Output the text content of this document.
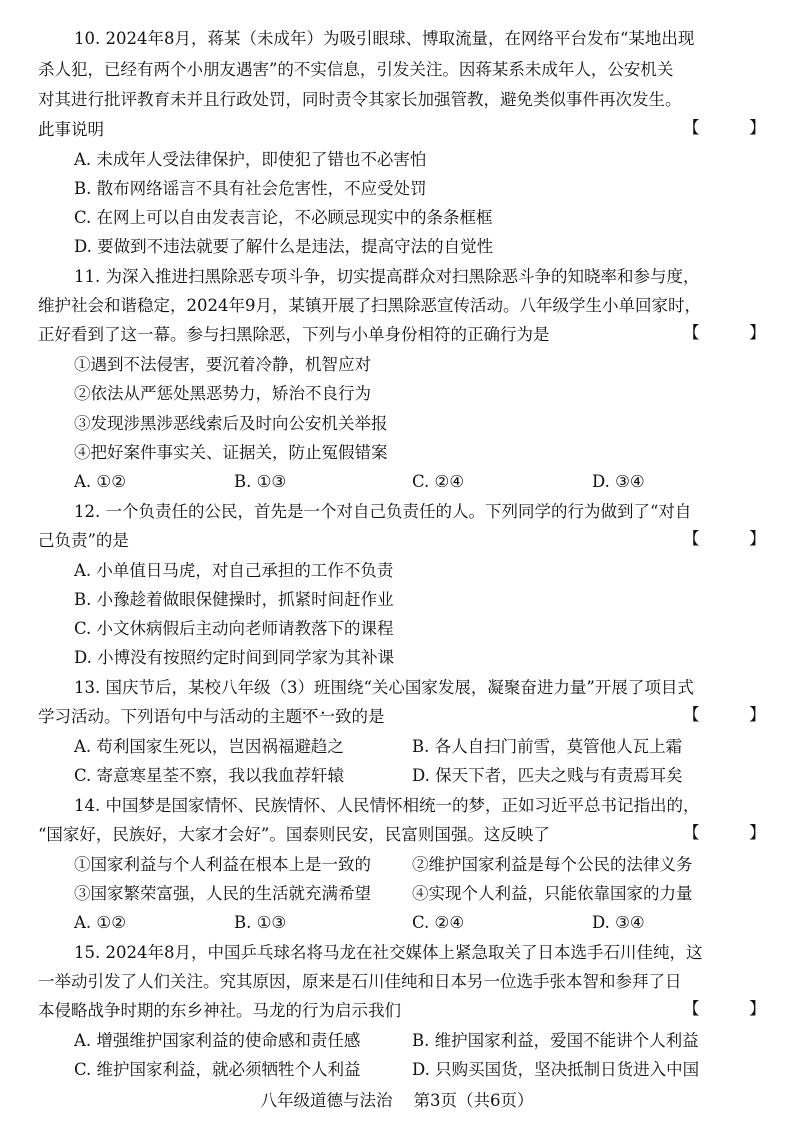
10. 2024年8月，蒋某（未成年）为吸引眼球、博取流量，在网络平台发布“某地出现
杀人犯，已经有两个小朋友遇害”的不实信息，引发关注。因蒋某系未成年人，公安机关
对其进行批评教育未并且行政处罚，同时责令其家长加强管教，避免类似事件再次发生。
此事说明	【     】
A. 未成年人受法律保护，即使犯了错也不必害怕
B. 散布网络谣言不具有社会危害性，不应受处罚
C. 在网上可以自由发表言论，不必顾忌现实中的条条框框
D. 要做到不违法就要了解什么是违法，提高守法的自觉性
11. 为深入推进扫黑除恶专项斗争，切实提高群众对扫黑除恶斗争的知晓率和参与度，
维护社会和谐稳定，2024年9月，某镇开展了扫黑除恶宣传活动。八年级学生小单回家时，
正好看到了这一幕。参与扫黑除恶，下列与小单身份相符的正确行为是	【     】
①遇到不法侵害，要沉着冷静，机智应对
②依法从严惩处黑恶势力，矫治不良行为
③发现涉黑涉恶线索后及时向公安机关举报
④把好案件事实关、证据关，防止冤假错案
A. ①②	B. ①③	C. ②④	D. ③④
12. 一个负责任的公民，首先是一个对自己负责任的人。下列同学的行为做到了“对自
己负责”的是	【     】
A. 小单值日马虎，对自己承担的工作不负责
B. 小豫趁着做眼保健操时，抓紧时间赶作业
C. 小文休病假后主动向老师请教落下的课程
D. 小博没有按照约定时间到同学家为其补课
13. 国庆节后，某校八年级（3）班围绕“关心国家发展，凝聚奋进力量”开展了项目式
学习活动。下列语句中与活动的主题不一致 • • •的是	【     】
A. 苟利国家生死以，岂因祸福避趋之	B. 各人自扫门前雪，莫管他人瓦上霜
C. 寄意寒星荃不察，我以我血荐轩辕	D. 保天下者，匹夫之贱与有责焉耳矣
14. 中国梦是国家情怀、民族情怀、人民情怀相统一的梦，正如习近平总书记指出的，
“国家好，民族好，大家才会好”。国泰则民安，民富则国强。这反映了	【     】
①国家利益与个人利益在根本上是一致的 ②维护国家利益是每个公民的法律义务
③国家繁荣富强，人民的生活就充满希望 ④实现个人利益，只能依靠国家的力量
A. ①②	B. ①③	C. ②④	D. ③④
15. 2024年8月，中国乒乓球名将马龙在社交媒体上紧急取关了日本选手石川佳纯，这
一举动引发了人们关注。究其原因，原来是石川佳纯和日本另一位选手张本智和参拜了日
本侵略战争时期的东乡神社。马龙的行为启示我们	【     】
A. 增强维护国家利益的使命感和责任感	B. 维护国家利益，爱国不能讲个人利益
C. 维护国家利益，就必须牺牲个人利益	D. 只购买国货，坚决抵制日货进入中国
八年级道德与法治    第3页（共6页）
